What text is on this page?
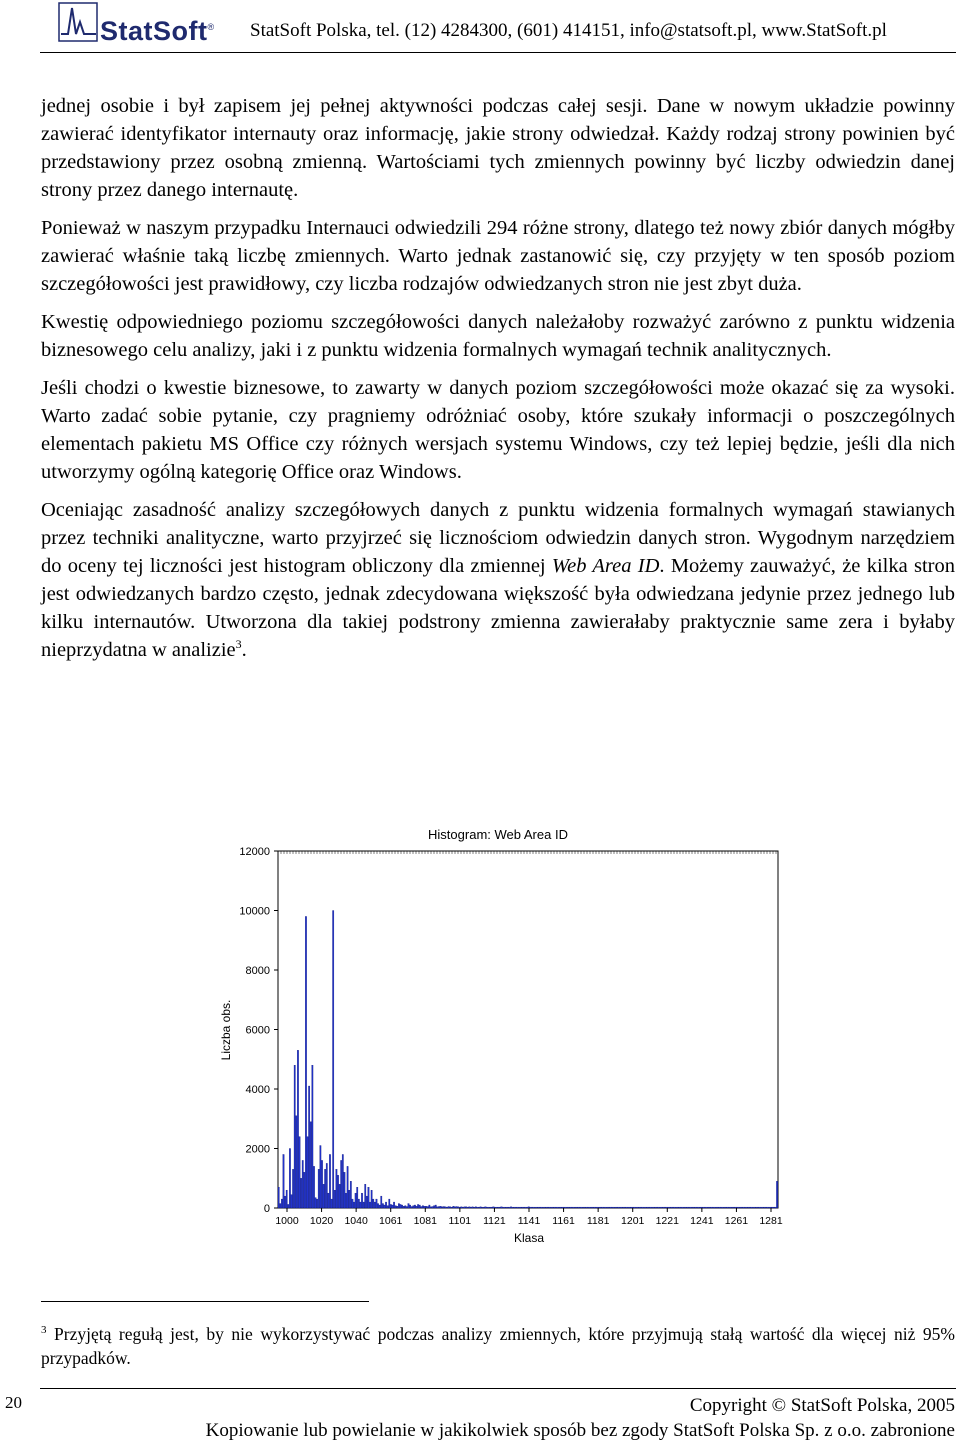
StatSoft® StatSoft Polska, tel. (12) 4284300, (601) 414151, info@statsoft.pl, www.StatSoft.pl

jednej osobie i był zapisem jej pełnej aktywności podczas całej sesji. Dane w nowym układzie powinny zawierać identyfikator internauty oraz informację, jakie strony odwiedzał. Każdy rodzaj strony powinien być przedstawiony przez osobną zmienną. Wartościami tych zmiennych powinny być liczby odwiedzin danej strony przez danego internautę.

Ponieważ w naszym przypadku Internauci odwiedzili 294 różne strony, dlatego też nowy zbiór danych mógłby zawierać właśnie taką liczbę zmiennych. Warto jednak zastanowić się, czy przyjęty w ten sposób poziom szczegółowości jest prawidłowy, czy liczba rodzajów odwiedzanych stron nie jest zbyt duża.

Kwestię odpowiedniego poziomu szczegółowości danych należałoby rozważyć zarówno z punktu widzenia biznesowego celu analizy, jaki i z punktu widzenia formalnych wymagań technik analitycznych.

Jeśli chodzi o kwestie biznesowe, to zawarty w danych poziom szczegółowości może okazać się za wysoki. Warto zadać sobie pytanie, czy pragniemy odróżniać osoby, które szukały informacji o poszczególnych elementach pakietu MS Office czy różnych wersjach systemu Windows, czy też lepiej będzie, jeśli dla nich utworzymy ogólną kategorię Office oraz Windows.

Oceniając zasadność analizy szczegółowych danych z punktu widzenia formalnych wymagań stawianych przez techniki analityczne, warto przyjrzeć się licznościom odwiedzin danych stron. Wygodnym narzędziem do oceny tej liczności jest histogram obliczony dla zmiennej Web Area ID. Możemy zauważyć, że kilka stron jest odwiedzanych bardzo często, jednak zdecydowana większość była odwiedzana jedynie przez jednego lub kilku internautów. Utworzona dla takiej podstrony zmienna zawierałaby praktycznie same zera i byłaby nieprzydatna w analizie$^3$.

Histogram: Web Area ID
Liczba obs.
Klasa
0
2000
4000
6000
8000
10000
12000
1000 1020 1040 1061 1081 1101 1121 1141 1161 1181 1201 1221 1241 1261 1281
$^3$ Przyjętą regułą jest, by nie wykorzystywać podczas analizy zmiennych, które przyjmują stałą wartość dla więcej niż 95% przypadków.
20	Copyright © StatSoft Polska, 2005
Kopiowanie lub powielanie w jakikolwiek sposób bez zgody StatSoft Polska Sp. z o.o. zabronione
